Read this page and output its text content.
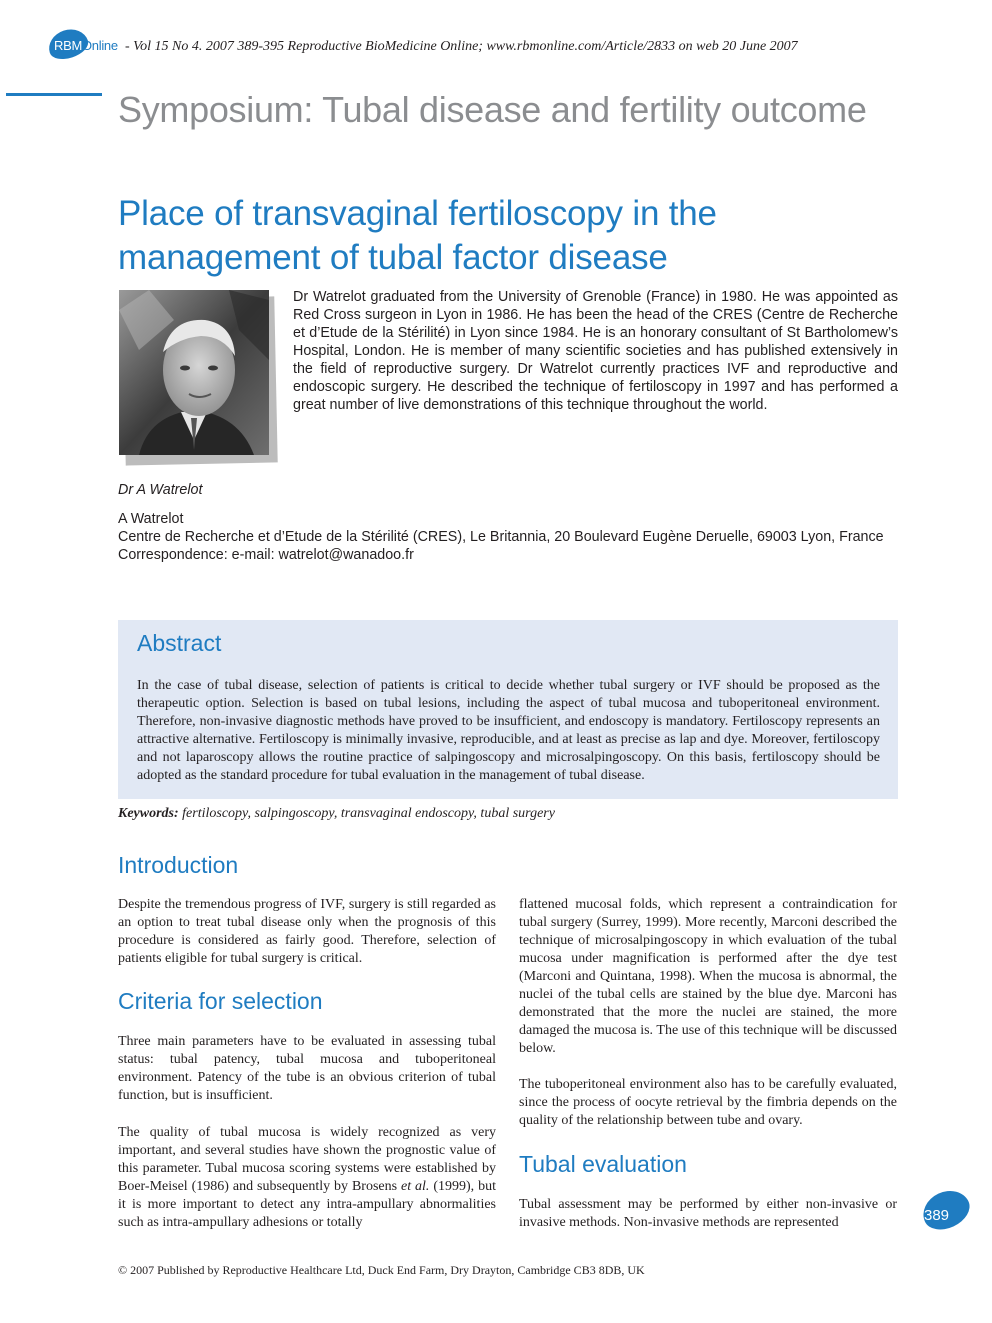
RBMOnline - Vol 15 No 4. 2007 389-395 Reproductive BioMedicine Online; www.rbmonline.com/Article/2833 on web 20 June 2007
Symposium: Tubal disease and fertility outcome
Place of transvaginal fertiloscopy in the management of tubal factor disease
Dr Watrelot graduated from the University of Grenoble (France) in 1980. He was appointed as Red Cross surgeon in Lyon in 1986. He has been the head of the CRES (Centre de Recherche et d’Etude de la Stérilité) in Lyon since 1984. He is an honorary consultant of St Bartholomew’s Hospital, London. He is member of many scientific societies and has published extensively in the field of reproductive surgery. Dr Watrelot currently practices IVF and reproductive and endoscopic surgery. He described the technique of fertiloscopy in 1997 and has performed a great number of live demonstrations of this technique throughout the world.
Dr A Watrelot
A Watrelot
Centre de Recherche et d’Etude de la Stérilité (CRES), Le Britannia, 20 Boulevard Eugène Deruelle, 69003 Lyon, France
Correspondence: e-mail: watrelot@wanadoo.fr
Abstract
In the case of tubal disease, selection of patients is critical to decide whether tubal surgery or IVF should be proposed as the therapeutic option. Selection is based on tubal lesions, including the aspect of tubal mucosa and tuboperitoneal environment. Therefore, non-invasive diagnostic methods have proved to be insufficient, and endoscopy is mandatory. Fertiloscopy represents an attractive alternative. Fertiloscopy is minimally invasive, reproducible, and at least as precise as lap and dye. Moreover, fertiloscopy and not laparoscopy allows the routine practice of salpingoscopy and microsalpingoscopy. On this basis, fertiloscopy should be adopted as the standard procedure for tubal evaluation in the management of tubal disease.
Keywords: fertiloscopy, salpingoscopy, transvaginal endoscopy, tubal surgery
Introduction
Despite the tremendous progress of IVF, surgery is still regarded as an option to treat tubal disease only when the prognosis of this procedure is considered as fairly good. Therefore, selection of patients eligible for tubal surgery is critical.
Criteria for selection
Three main parameters have to be evaluated in assessing tubal status: tubal patency, tubal mucosa and tuboperitoneal environment. Patency of the tube is an obvious criterion of tubal function, but is insufficient.
The quality of tubal mucosa is widely recognized as very important, and several studies have shown the prognostic value of this parameter. Tubal mucosa scoring systems were established by Boer-Meisel (1986) and subsequently by Brosens et al. (1999), but it is more important to detect any intra-ampullary abnormalities such as intra-ampullary adhesions or totally
flattened mucosal folds, which represent a contraindication for tubal surgery (Surrey, 1999). More recently, Marconi described the technique of microsalpingoscopy in which evaluation of the tubal mucosa under magnification is performed after the dye test (Marconi and Quintana, 1998). When the mucosa is abnormal, the nuclei of the tubal cells are stained by the blue dye. Marconi has demonstrated that the more the nuclei are stained, the more damaged the mucosa is. The use of this technique will be discussed below.
The tuboperitoneal environment also has to be carefully evaluated, since the process of oocyte retrieval by the fimbria depends on the quality of the relationship between tube and ovary.
Tubal evaluation
Tubal assessment may be performed by either non-invasive or invasive methods. Non-invasive methods are represented	389
© 2007 Published by Reproductive Healthcare Ltd, Duck End Farm, Dry Drayton, Cambridge CB3 8DB, UK
